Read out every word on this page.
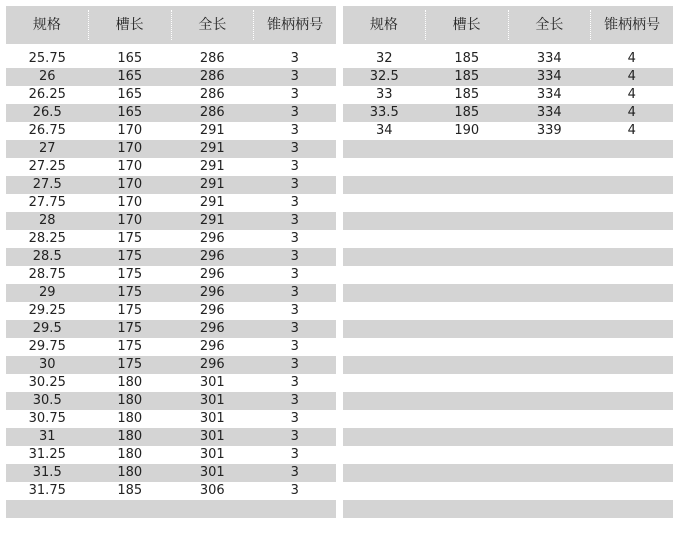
规格	槽长	全长	锥柄柄号
25.75	165	286	3
26	165	286	3
26.25	165	286	3
26.5	165	286	3
26.75	170	291	3
27	170	291	3
27.25	170	291	3
27.5	170	291	3
27.75	170	291	3
28	170	291	3
28.25	175	296	3
28.5	175	296	3
28.75	175	296	3
29	175	296	3
29.25	175	296	3
29.5	175	296	3
29.75	175	296	3
30	175	296	3
30.25	180	301	3
30.5	180	301	3
30.75	180	301	3
31	180	301	3
31.25	180	301	3
31.5	180	301	3
31.75	185	306	3
规格	槽长	全长	锥柄柄号
32	185	334	4
32.5	185	334	4
33	185	334	4
33.5	185	334	4
34	190	339	4
